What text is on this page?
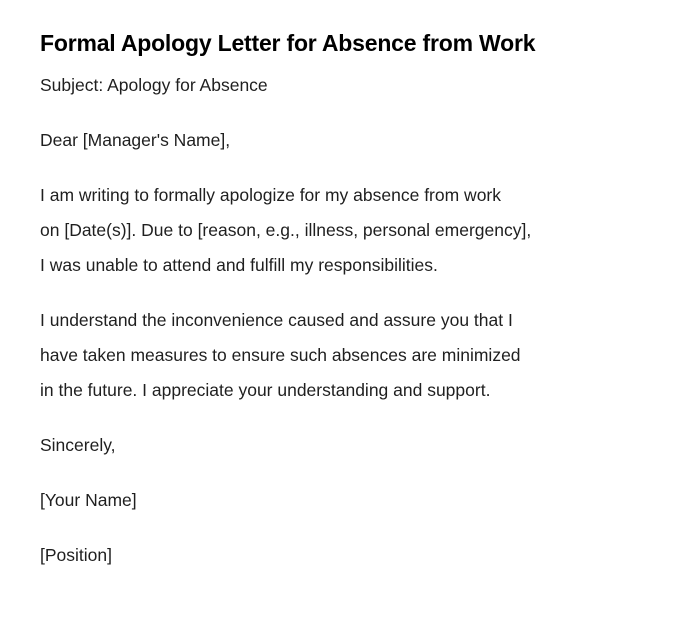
Formal Apology Letter for Absence from Work

Subject: Apology for Absence

Dear [Manager's Name],

I am writing to formally apologize for my absence from work
on [Date(s)]. Due to [reason, e.g., illness, personal emergency],
I was unable to attend and fulfill my responsibilities.

I understand the inconvenience caused and assure you that I
have taken measures to ensure such absences are minimized
in the future. I appreciate your understanding and support.

Sincerely,

[Your Name]

[Position]
